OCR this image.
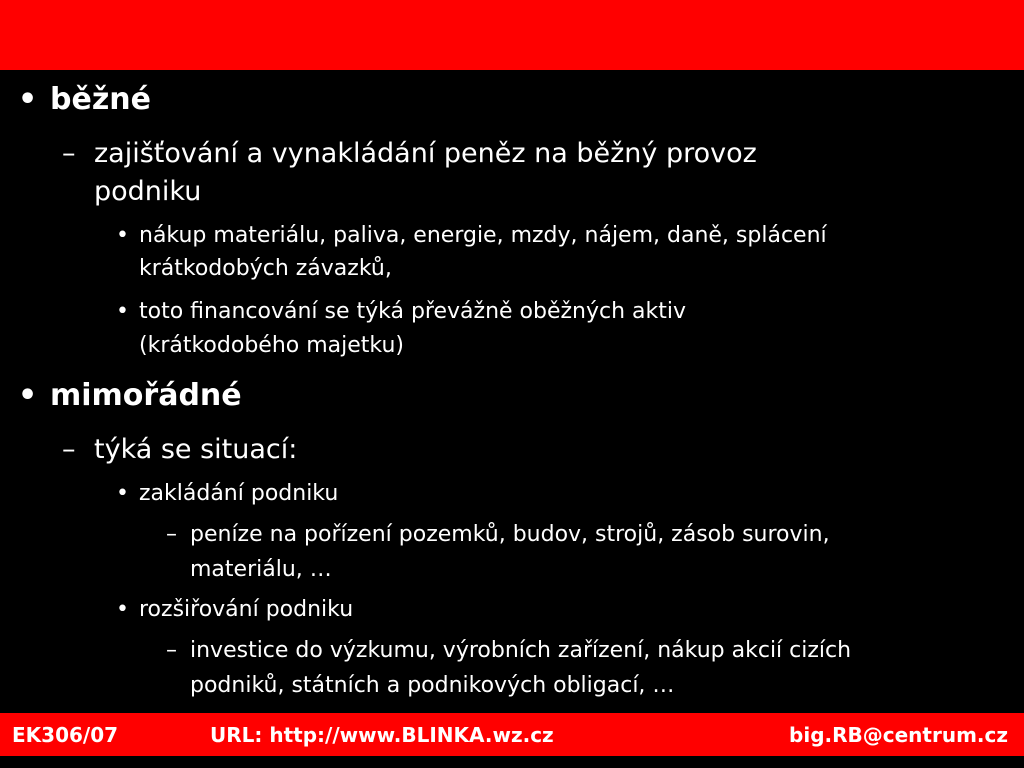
• běžné
– zajišťování a vynakládání peněz na běžný provoz
podniku
• nákup materiálu, paliva, energie, mzdy, nájem, daně, splácení
krátkodobých závazků,
• toto financování se týká převážně oběžných aktiv
(krátkodobého majetku)
• mimořádné
– týká se situací:
• zakládání podniku
– peníze na pořízení pozemků, budov, strojů, zásob surovin,
materiálu, …
• rozšiřování podniku
– investice do výzkumu, výrobních zařízení, nákup akcií cizích
podniků, státních a podnikových obligací, …
EK306/07	URL: http://www.BLINKA.wz.cz	big.RB@centrum.cz
